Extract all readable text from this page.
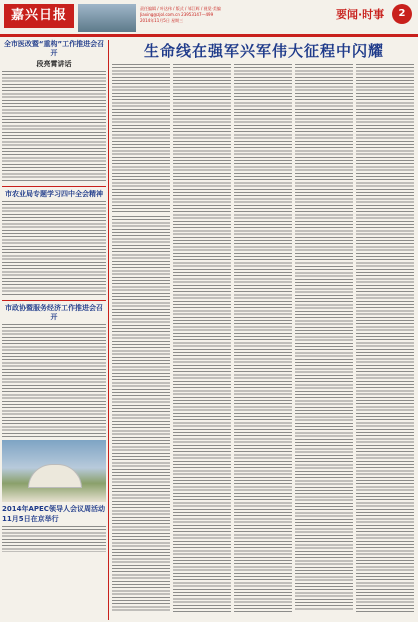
嘉兴日报	责任编辑 / 叶达伟 / 版式 / 邹江辉 / 视觉·美编
Jiaxing@zjol.com.cn 23953147—499
2014年11月5日 星期三	要闻·时事	2

全市医改暨“重构”工作推进会召开

段亮霄讲话

市农业局专题学习四中全会精神

市政协暨服务经济工作推进会召开

2014年APEC领导人会议周活动11月5日在京举行
生命线在强军兴军伟大征程中闪耀
